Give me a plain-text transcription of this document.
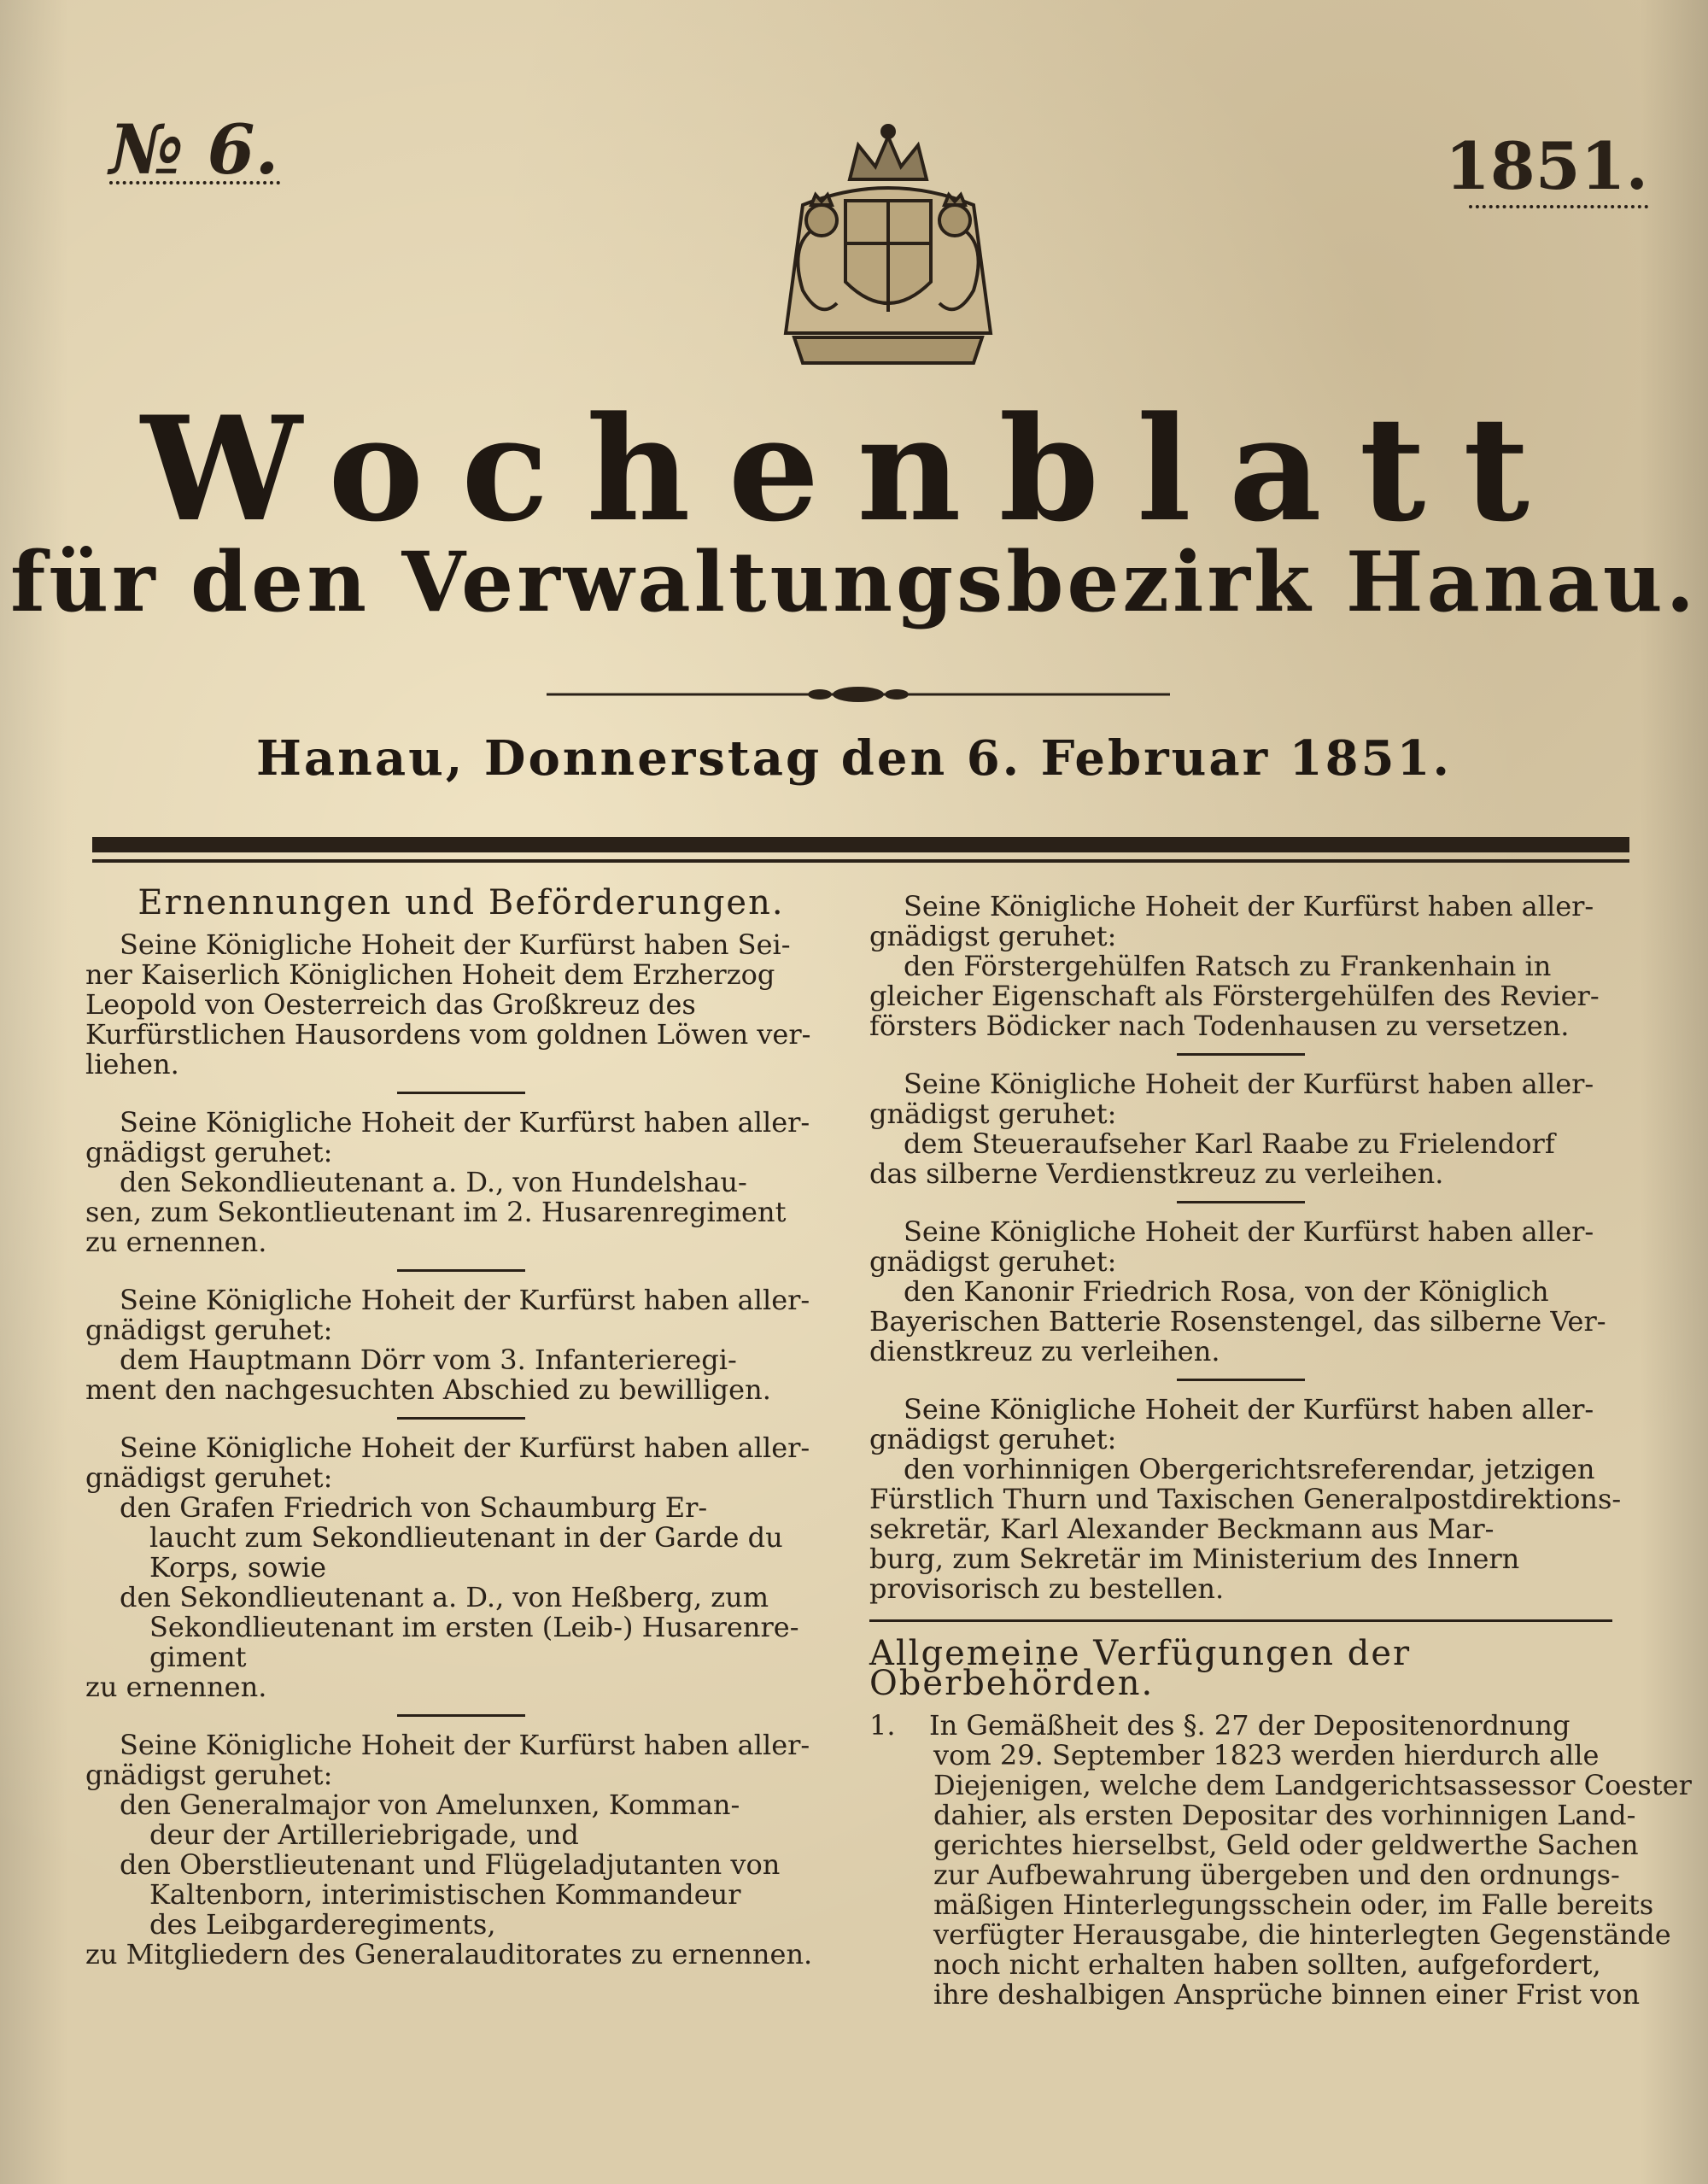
№ 6.	1851.
Wochenblatt
für den Verwaltungsbezirk Hanau.
Hanau, Donnerstag den 6. Februar 1851.
Ernennungen und Beförderungen.
Seine Königliche Hoheit der Kurfürst haben Sei-
ner Kaiserlich Königlichen Hoheit dem Erzherzog
Leopold von Oesterreich das Großkreuz des
Kurfürstlichen Hausordens vom goldnen Löwen ver-
liehen.
Seine Königliche Hoheit der Kurfürst haben aller-
gnädigst geruhet:
den Sekondlieutenant a. D., von Hundelshau-
sen, zum Sekontlieutenant im 2. Husarenregiment
zu ernennen.
Seine Königliche Hoheit der Kurfürst haben aller-
gnädigst geruhet:
dem Hauptmann Dörr vom 3. Infanterieregi-
ment den nachgesuchten Abschied zu bewilligen.
Seine Königliche Hoheit der Kurfürst haben aller-
gnädigst geruhet:
den Grafen Friedrich von Schaumburg Er-
laucht zum Sekondlieutenant in der Garde du
Korps, sowie
den Sekondlieutenant a. D., von Heßberg, zum
Sekondlieutenant im ersten (Leib-) Husarenre-
giment
zu ernennen.
Seine Königliche Hoheit der Kurfürst haben aller-
gnädigst geruhet:
den Generalmajor von Amelunxen, Komman-
deur der Artilleriebrigade, und
den Oberstlieutenant und Flügeladjutanten von
Kaltenborn, interimistischen Kommandeur
des Leibgarderegiments,
zu Mitgliedern des Generalauditorates zu ernennen.
Seine Königliche Hoheit der Kurfürst haben aller-
gnädigst geruhet:
den Förstergehülfen Ratsch zu Frankenhain in
gleicher Eigenschaft als Förstergehülfen des Revier-
försters Bödicker nach Todenhausen zu versetzen.
Seine Königliche Hoheit der Kurfürst haben aller-
gnädigst geruhet:
dem Steueraufseher Karl Raabe zu Frielendorf
das silberne Verdienstkreuz zu verleihen.
Seine Königliche Hoheit der Kurfürst haben aller-
gnädigst geruhet:
den Kanonir Friedrich Rosa, von der Königlich
Bayerischen Batterie Rosenstengel, das silberne Ver-
dienstkreuz zu verleihen.
Seine Königliche Hoheit der Kurfürst haben aller-
gnädigst geruhet:
den vorhinnigen Obergerichtsreferendar, jetzigen
Fürstlich Thurn und Taxischen Generalpostdirektions-
sekretär, Karl Alexander Beckmann aus Mar-
burg, zum Sekretär im Ministerium des Innern
provisorisch zu bestellen.
Allgemeine Verfügungen der Oberbehörden.
1. In Gemäßheit des §. 27 der Depositenordnung
vom 29. September 1823 werden hierdurch alle
Diejenigen, welche dem Landgerichtsassessor Coester
dahier, als ersten Depositar des vorhinnigen Land-
gerichtes hierselbst, Geld oder geldwerthe Sachen
zur Aufbewahrung übergeben und den ordnungs-
mäßigen Hinterlegungsschein oder, im Falle bereits
verfügter Herausgabe, die hinterlegten Gegenstände
noch nicht erhalten haben sollten, aufgefordert,
ihre deshalbigen Ansprüche binnen einer Frist von
